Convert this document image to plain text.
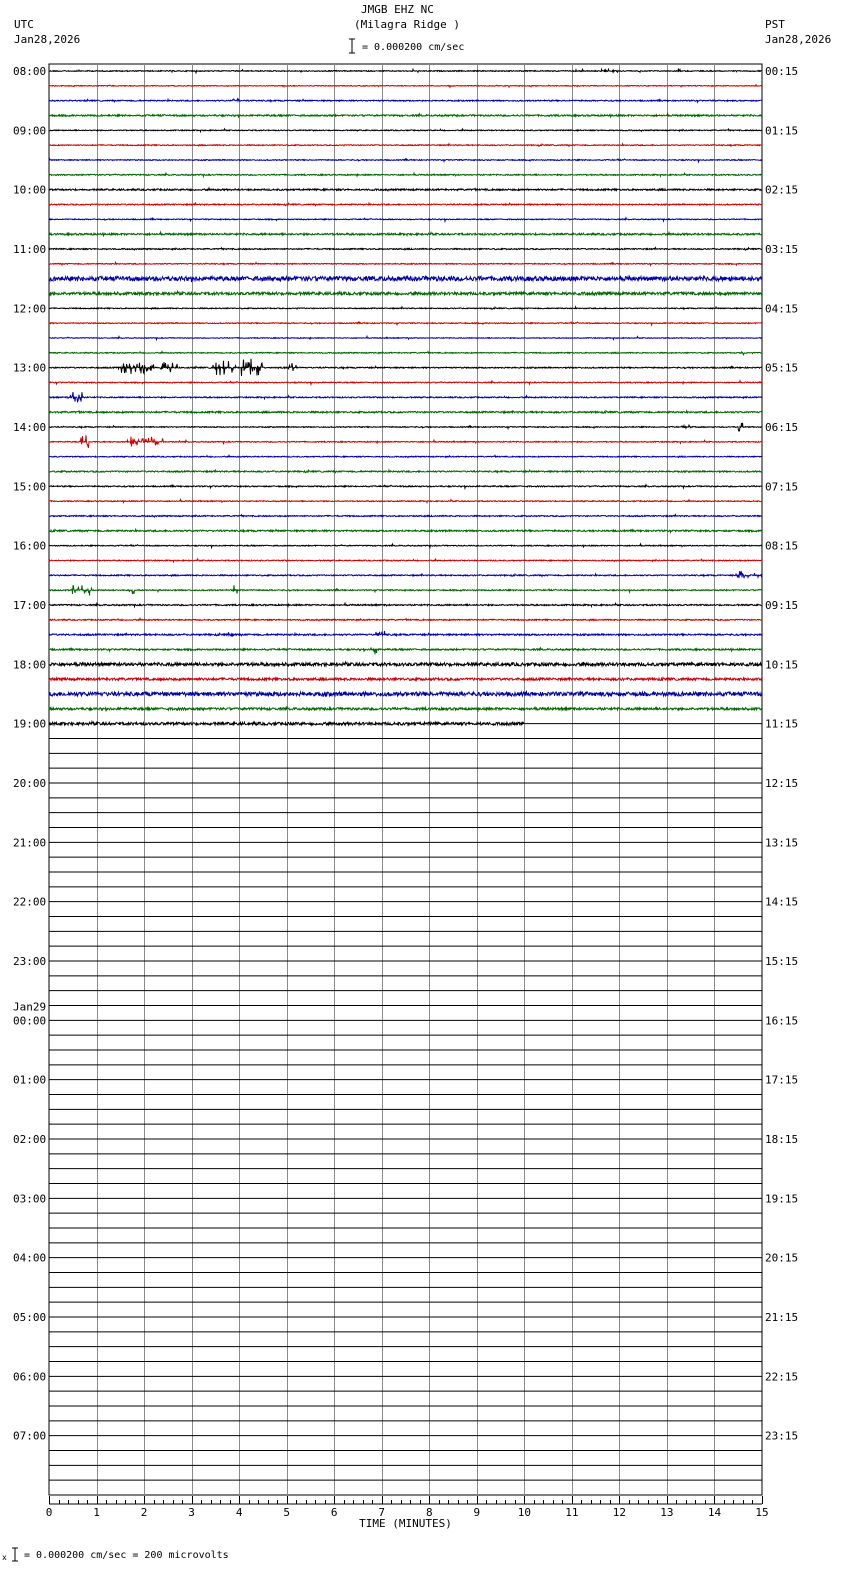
08:00
09:00
10:00
11:00
12:00
13:00
14:00
15:00
16:00
17:00
18:00
19:00
20:00
21:00
22:00
23:00
00:00
01:00
02:00
03:00
04:00
05:00
06:00
07:00
Jan29
00:15
01:15
02:15
03:15
04:15
05:15
06:15
07:15
08:15
09:15
10:15
11:15
12:15
13:15
14:15
15:15
16:15
17:15
18:15
19:15
20:15
21:15
22:15
23:15
0	1	2	3	4	5	6	7	8	9	10	11	12	13	14	15
TIME (MINUTES)
JMGB EHZ NC
(Milagra Ridge )
UTC
Jan28,2026
PST
Jan28,2026
= 0.000200 cm/sec
x = 0.000200 cm/sec = 200 microvolts
